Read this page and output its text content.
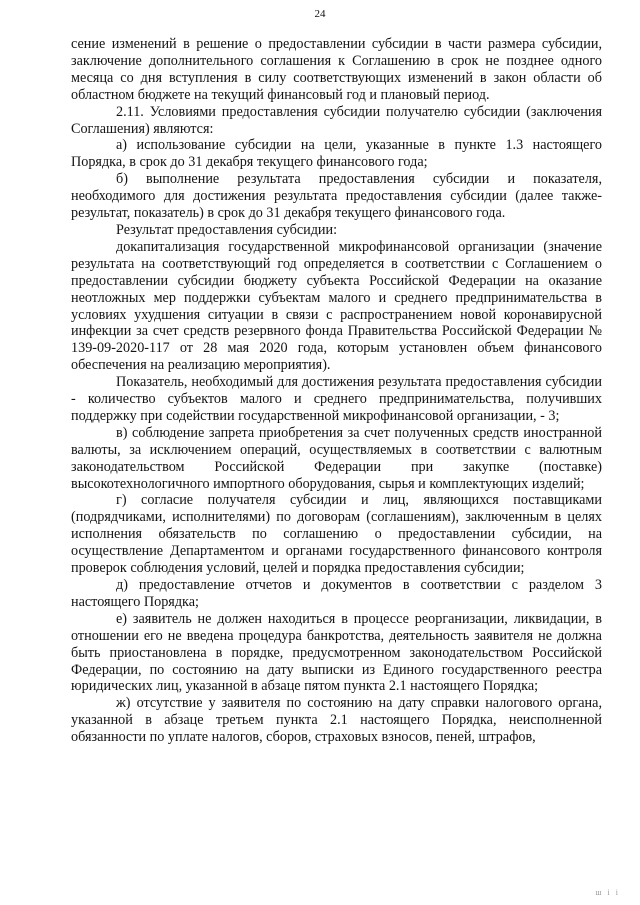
24

сение изменений в решение о предоставлении субсидии в части размера субсидии, заключение дополнительного соглашения к Соглашению в срок не позднее одного месяца со дня вступления в силу соответствующих изменений в закон области об областном бюджете на текущий финансовый год и плановый период.

2.11. Условиями предоставления субсидии получателю субсидии (заключения Соглашения) являются:

а) использование субсидии на цели, указанные в пункте 1.3 настоящего Порядка, в срок до 31 декабря текущего финансового года;

б) выполнение результата предоставления субсидии и показателя, необходимого для достижения результата предоставления субсидии (далее также- результат, показатель) в срок до 31 декабря текущего финансового года.

Результат предоставления субсидии:

докапитализация государственной микрофинансовой организации (значение результата на соответствующий год определяется в соответствии с Соглашением о предоставлении субсидии бюджету субъекта Российской Федерации на оказание неотложных мер поддержки субъектам малого и среднего предпринимательства в условиях ухудшения ситуации в связи с распространением новой коронавирусной инфекции за счет средств резервного фонда Правительства Российской Федерации № 139-09-2020-117 от 28 мая 2020 года, которым установлен объем финансового обеспечения на реализацию мероприятия).

Показатель, необходимый для достижения результата предоставления субсидии - количество субъектов малого и среднего предпринимательства, получивших поддержку при содействии государственной микрофинансовой организации, - 3;

в) соблюдение запрета приобретения за счет полученных средств иностранной валюты, за исключением операций, осуществляемых в соответствии с валютным законодательством Российской Федерации при закупке (поставке) высокотехнологичного импортного оборудования, сырья и комплектующих изделий;

г) согласие получателя субсидии и лиц, являющихся поставщиками (подрядчиками, исполнителями) по договорам (соглашениям), заключенным в целях исполнения обязательств по соглашению о предоставлении субсидии, на осуществление Департаментом и органами государственного финансового контроля проверок соблюдения условий, целей и порядка предоставления субсидии;

д) предоставление отчетов и документов в соответствии с разделом 3 настоящего Порядка;

е) заявитель не должен находиться в процессе реорганизации, ликвидации, в отношении его не введена процедура банкротства, деятельность заявителя не должна быть приостановлена в порядке, предусмотренном законодательством Российской Федерации, по состоянию на дату выписки из Единого государственного реестра юридических лиц, указанной в абзаце пятом пункта 2.1 настоящего Порядка;

ж) отсутствие у заявителя по состоянию на дату справки налогового органа, указанной в абзаце третьем пункта 2.1 настоящего Порядка, неисполненной обязанности по уплате налогов, сборов, страховых взносов, пеней, штрафов,

ш і і
